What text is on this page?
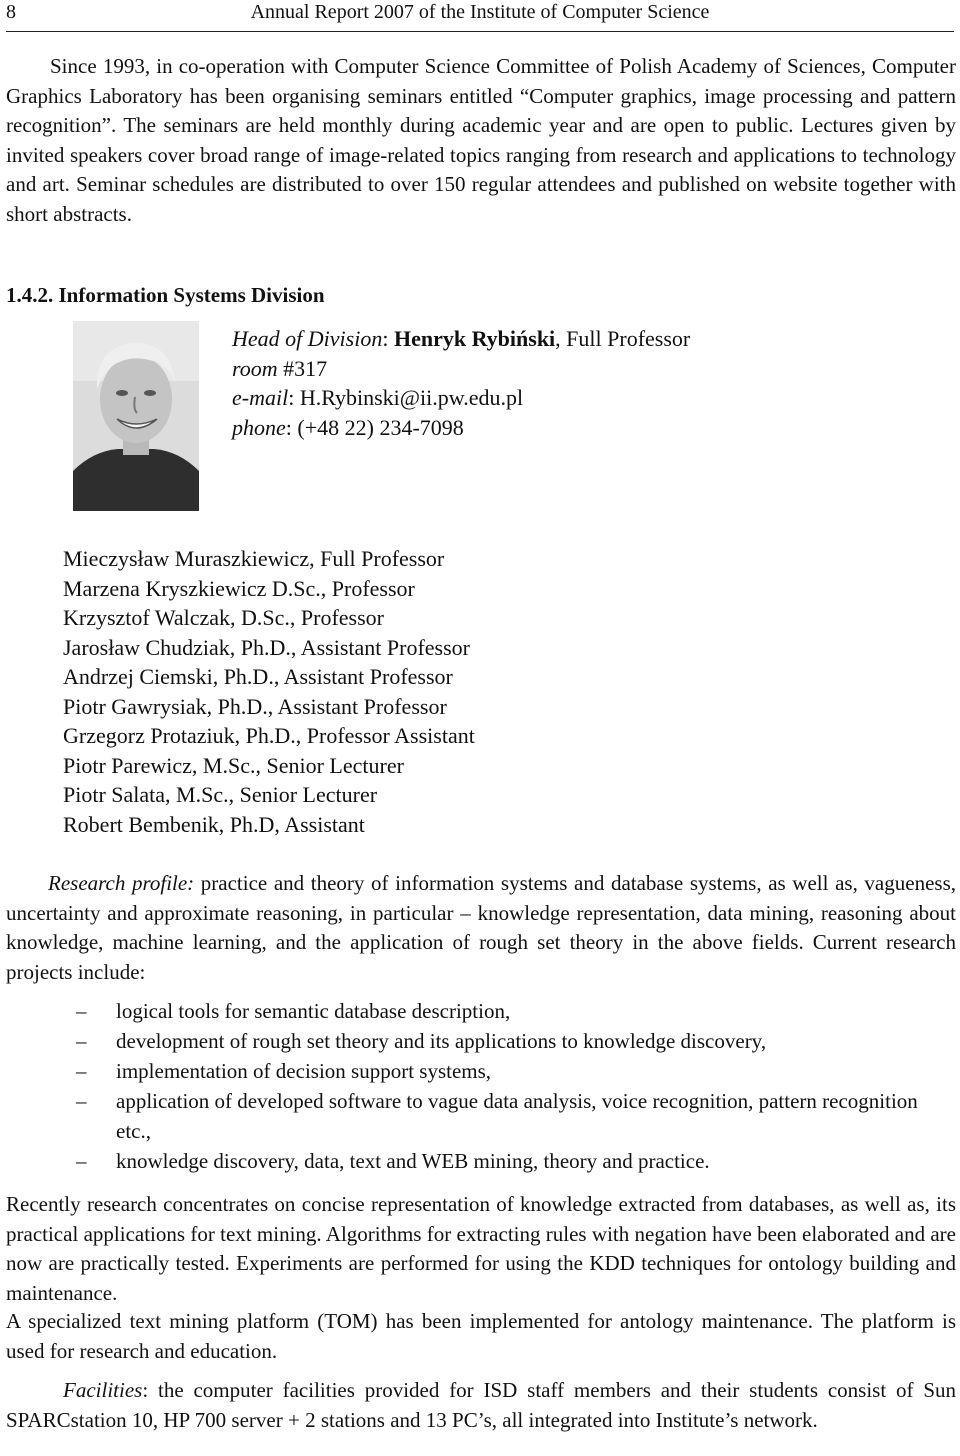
8	Annual Report 2007 of the Institute of Computer Science

Since 1993, in co-operation with Computer Science Committee of Polish Academy of Sciences, Computer Graphics Laboratory has been organising seminars entitled “Computer graphics, image processing and pattern recognition”. The seminars are held monthly during academic year and are open to public. Lectures given by invited speakers cover broad range of image-related topics ranging from research and applications to technology and art. Seminar schedules are distributed to over 150 regular attendees and published on website together with short abstracts.

1.4.2. Information Systems Division
Head of Division: Henryk Rybiński, Full Professor
room #317
e-mail: H.Rybinski@ii.pw.edu.pl
phone: (+48 22) 234-7098
Mieczysław Muraszkiewicz, Full Professor
Marzena Kryszkiewicz D.Sc., Professor
Krzysztof Walczak, D.Sc., Professor
Jarosław Chudziak, Ph.D., Assistant Professor
Andrzej Ciemski, Ph.D., Assistant Professor
Piotr Gawrysiak, Ph.D., Assistant Professor
Grzegorz Protaziuk, Ph.D., Professor Assistant
Piotr Parewicz, M.Sc., Senior Lecturer
Piotr Salata, M.Sc., Senior Lecturer
Robert Bembenik, Ph.D, Assistant

Research profile: practice and theory of information systems and database systems, as well as, vagueness, uncertainty and approximate reasoning, in particular – knowledge representation, data mining, reasoning about knowledge, machine learning, and the application of rough set theory in the above fields. Current research projects include:

– logical tools for semantic database description,
– development of rough set theory and its applications to knowledge discovery,
– implementation of decision support systems,
– application of developed software to vague data analysis, voice recognition, pattern recognition etc.,
– knowledge discovery, data, text and WEB mining, theory and practice.

Recently research concentrates on concise representation of knowledge extracted from databases, as well as, its practical applications for text mining. Algorithms for extracting rules with negation have been elaborated and are now are practically tested. Experiments are performed for using the KDD techniques for ontology building and maintenance.

A specialized text mining platform (TOM) has been implemented for antology maintenance. The platform is used for research and education.

Facilities: the computer facilities provided for ISD staff members and their students consist of Sun SPARCstation 10, HP 700 server + 2 stations and 13 PC’s, all integrated into Institute’s network.
